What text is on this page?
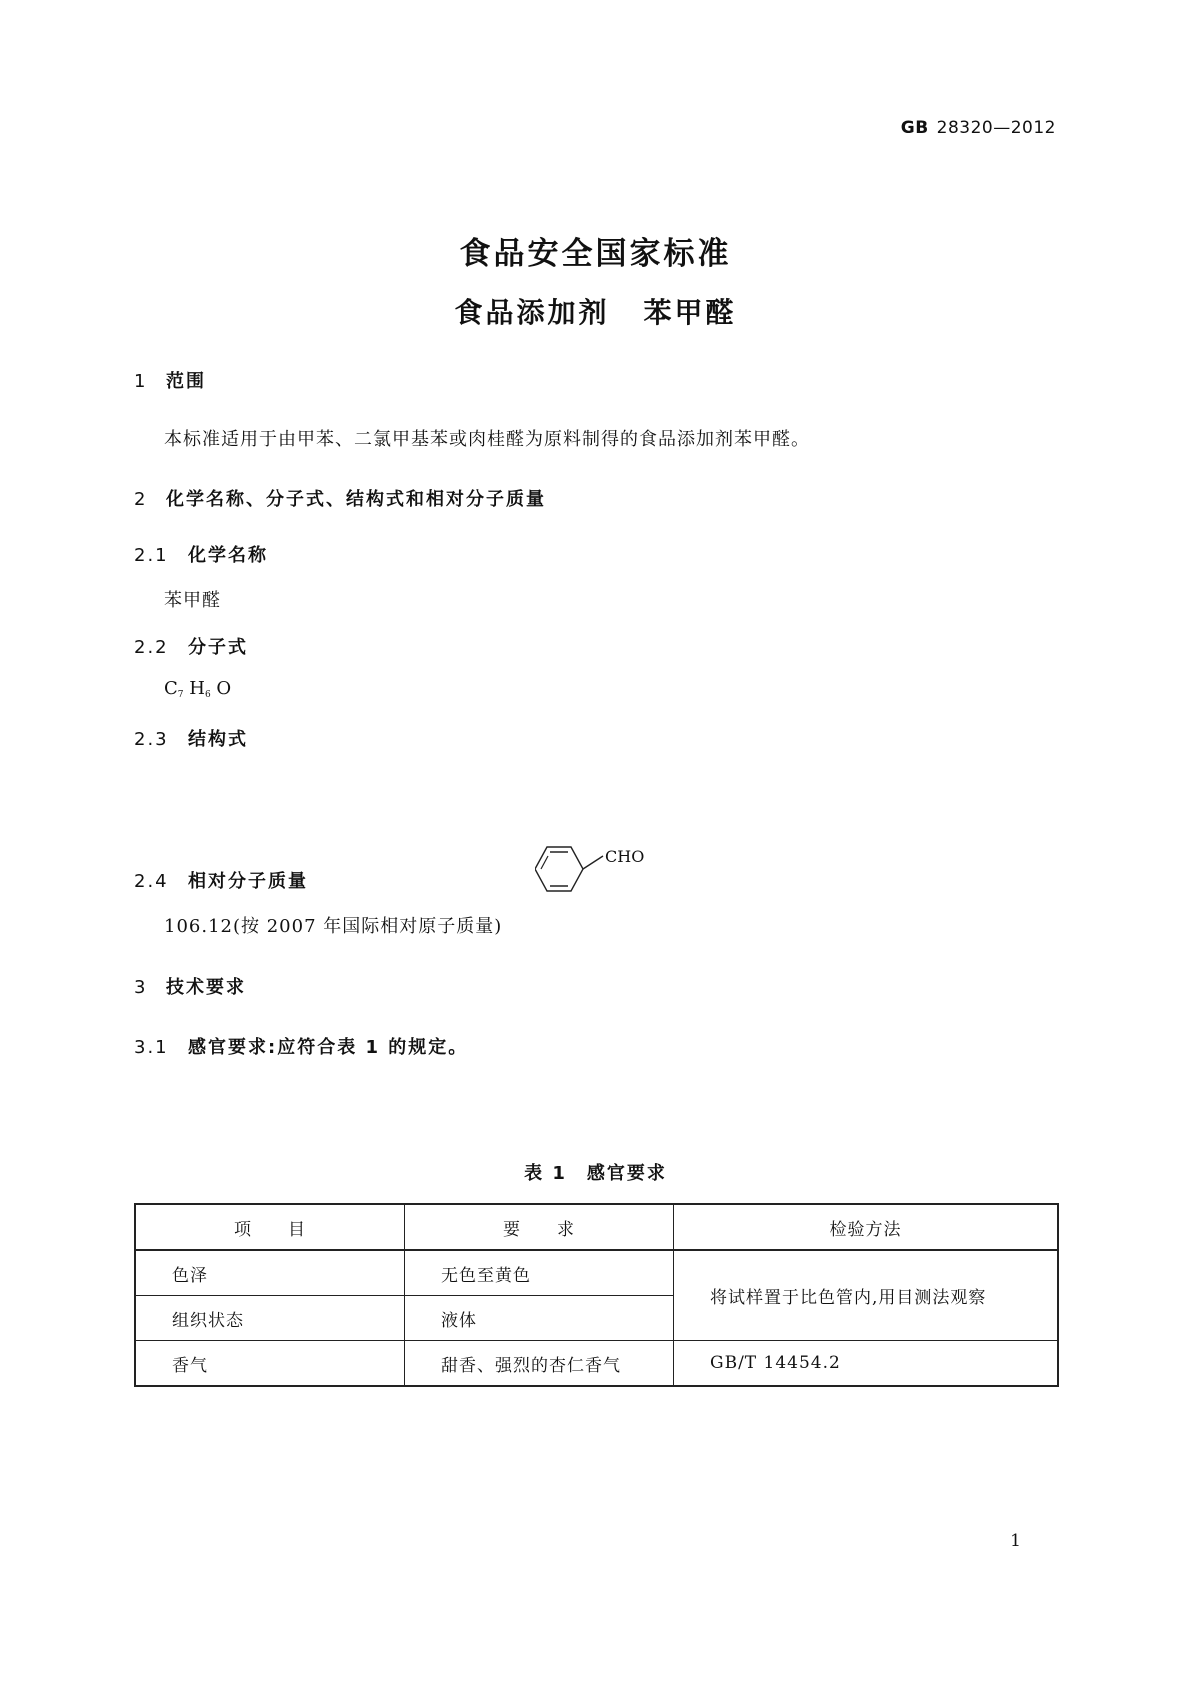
GB 28320—2012
食品安全国家标准
食品添加剂 苯甲醛
1 范围
本标准适用于由甲苯、二氯甲基苯或肉桂醛为原料制得的食品添加剂苯甲醛。
2 化学名称、分子式、结构式和相对分子质量
2.1 化学名称
苯甲醛
2.2 分子式
$C_7$ $H_6$ O
2.3 结构式
CHO
2.4 相对分子质量
106.12(按 2007 年国际相对原子质量)
3 技术要求
3.1 感官要求:应符合表 1 的规定。
表 1　感官要求
项　　目	要　　求	检验方法
色泽	无色至黄色	将试样置于比色管内,用目测法观察
组织状态	液体	
香气	甜香、强烈的杏仁香气	GB/T 14454.2
1
